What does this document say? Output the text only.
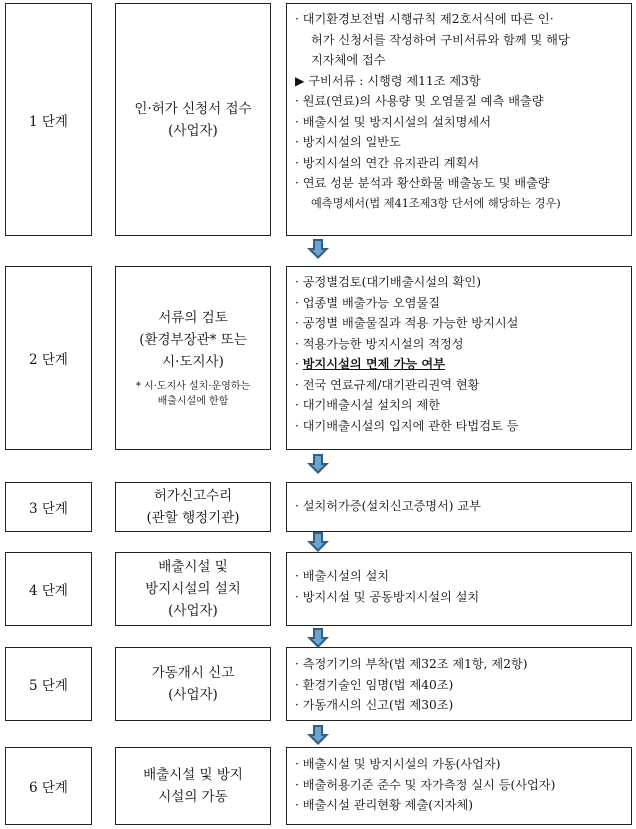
1 단계
인·허가 신청서 접수
(사업자)
· 대기환경보전법 시행규칙 제2호서식에 따른 인·
허가 신청서를 작성하여 구비서류와 함께 및 해당
지자체에 접수
▶ 구비서류 : 시행령 제11조 제3항
· 원료(연료)의 사용량 및 오염물질 예측 배출량
· 배출시설 및 방지시설의 설치명세서
· 방지시설의 일반도
· 방지시설의 연간 유지관리 계획서
· 연료 성분 분석과 황산화물 배출농도 및 배출량
예측명세서(법 제41조제3항 단서에 해당하는 경우)
2 단계
서류의 검토
(환경부장관* 또는
시·도지사)
* 시·도지사 설치·운영하는
배출시설에 한함
· 공정별검토(대기배출시설의 확인)
· 업종별 배출가능 오염물질
· 공정별 배출물질과 적용 가능한 방지시설
· 적용가능한 방지시설의 적정성
· 방지시설의 면제 가능 여부
· 전국 연료규제/대기관리권역 현황
· 대기배출시설 설치의 제한
· 대기배출시설의 입지에 관한 타법검토 등
3 단계
허가신고수리
(관할 행정기관)
· 설치허가증(설치신고증명서) 교부
4 단계
배출시설 및
방지시설의 설치
(사업자)
· 배출시설의 설치
· 방지시설 및 공동방지시설의 설치
5 단계
가동개시 신고
(사업자)
· 측정기기의 부착(법 제32조 제1항, 제2항)
· 환경기술인 임명(법 제40조)
· 가동개시의 신고(법 제30조)
6 단계
배출시설 및 방지
시설의 가동
· 배출시설 및 방지시설의 가동(사업자)
· 배출허용기준 준수 및 자가측정 실시 등(사업자)
· 배출시설 관리현황 제출(지자체)
